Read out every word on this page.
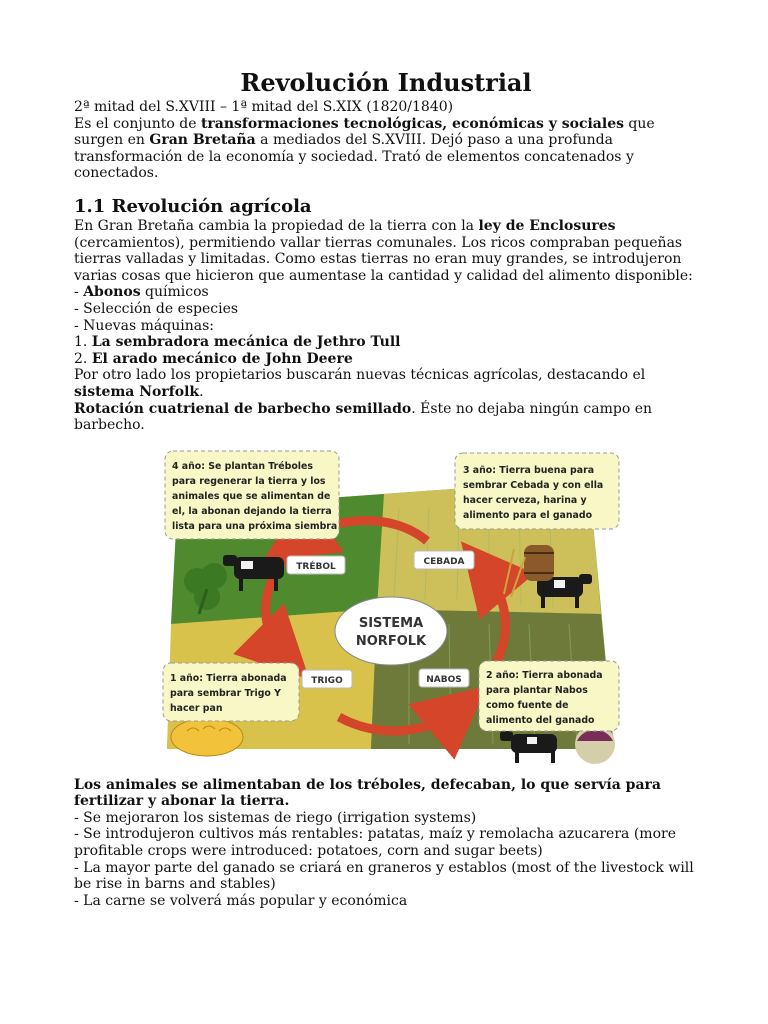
Revolución Industrial

2ª mitad del S.XVIII – 1ª mitad del S.XIX (1820/1840)

Es el conjunto de transformaciones tecnológicas, económicas y sociales que surgen en Gran Bretaña a mediados del S.XVIII. Dejó paso a una profunda transformación de la economía y sociedad. Trató de elementos concatenados y conectados.

1.1 Revolución agrícola

En Gran Bretaña cambia la propiedad de la tierra con la ley de Enclosures (cercamientos), permitiendo vallar tierras comunales. Los ricos compraban pequeñas tierras valladas y limitadas. Como estas tierras no eran muy grandes, se introdujeron varias cosas que hicieron que aumentase la cantidad y calidad del alimento disponible:

- Abonos químicos

- Selección de especies

- Nuevas máquinas:

1. La sembradora mecánica de Jethro Tull

2. El arado mecánico de John Deere

Por otro lado los propietarios buscarán nuevas técnicas agrícolas, destacando el sistema Norfolk.
Rotación cuatrienal de barbecho semillado. Éste no dejaba ningún campo en barbecho.

SISTEMA
NORFOLK
TRÉBOL	CEBADA
TRIGO	NABOS
4 año: Se plantan Tréboles
para regenerar la tierra y los
animales que se alimentan de
el, la abonan dejando la tierra
lista para una próxima siembra
3 año: Tierra buena para
sembrar Cebada y con ella
hacer cerveza, harina y
alimento para el ganado
1 año: Tierra abonada
para sembrar Trigo Y
hacer pan
2 año: Tierra abonada
para plantar Nabos
como fuente de
alimento del ganado

Los animales se alimentaban de los tréboles, defecaban, lo que servía para fertilizar y abonar la tierra.

- Se mejoraron los sistemas de riego (irrigation systems)

- Se introdujeron cultivos más rentables: patatas, maíz y remolacha azucarera (more profitable crops were introduced: potatoes, corn and sugar beets)

- La mayor parte del ganado se criará en graneros y establos (most of the livestock will be rise in barns and stables)

- La carne se volverá más popular y económica
